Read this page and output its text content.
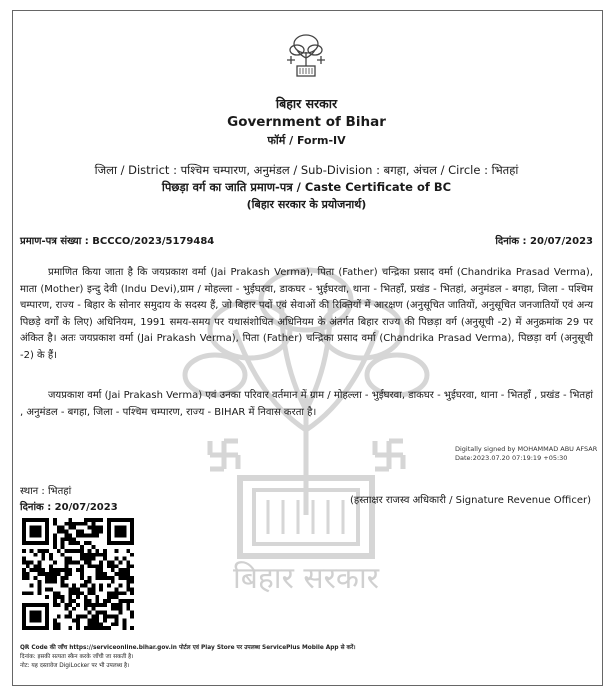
बिहार सरकार
बिहार सरकार
Government of Bihar
फॉर्म / Form-IV
जिला / District : पश्चिम चम्पारण, अनुमंडल / Sub-Division : बगहा, अंचल / Circle : भितहां
पिछड़ा वर्ग का जाति प्रमाण-पत्र / Caste Certificate of BC
(बिहार सरकार के प्रयोजनार्थ)
प्रमाण-पत्र संख्या : BCCCO/2023/5179484	दिनांक : 20/07/2023
प्रमाणित किया जाता है कि जयप्रकाश वर्मा (Jai Prakash Verma), पिता (Father) चन्द्रिका प्रसाद वर्मा (Chandrika Prasad Verma), माता (Mother) इन्दु देवी (Indu Devi),ग्राम / मोहल्ला - भुईघरवा, डाकघर - भुईघरवा, थाना - भितहाँ, प्रखंड - भितहां, अनुमंडल - बगहा, जिला - पश्चिम चम्पारण, राज्य - बिहार के सोनार समुदाय के सदस्य हैं, जो बिहार पदों एवं सेवाओं की रिक्तियों में आरक्षण (अनुसूचित जातियों, अनुसूचित जनजातियों एवं अन्य पिछड़े वर्गों के लिए) अधिनियम, 1991 समय-समय पर यथासंशोधित अधिनियम के अंतर्गत बिहार राज्य की पिछड़ा वर्ग (अनुसूची -2) में अनुक्रमांक 29 पर अंकित है। अतः जयप्रकाश वर्मा (Jai Prakash Verma), पिता (Father) चन्द्रिका प्रसाद वर्मा (Chandrika Prasad Verma), पिछड़ा वर्ग (अनुसूची -2) के हैं।
जयप्रकाश वर्मा (Jai Prakash Verma) एवं उनका परिवार वर्तमान में ग्राम / मोहल्ला - भुईघरवा, डाकघर - भुईघरवा, थाना - भितहाँ , प्रखंड - भितहां , अनुमंडल - बगहा, जिला - पश्चिम चम्पारण, राज्य - BIHAR में निवास करता है।
Digitally signed by MOHAMMAD ABU AFSAR
Date:2023.07.20 07:19:19 +05:30
स्थान : भितहां
दिनांक : 20/07/2023
(हस्ताक्षर राजस्व अधिकारी / Signature Revenue Officer)
QR Code की जाँच https://serviceonline.bihar.gov.in पोर्टल एवं Play Store पर उपलब्ध ServicePlus Mobile App से करें।
दिनांक: इसकी सत्यता स्कैन करके जाँची जा सकती है।
नोट: यह दस्तावेज DigiLocker पर भी उपलब्ध है।
